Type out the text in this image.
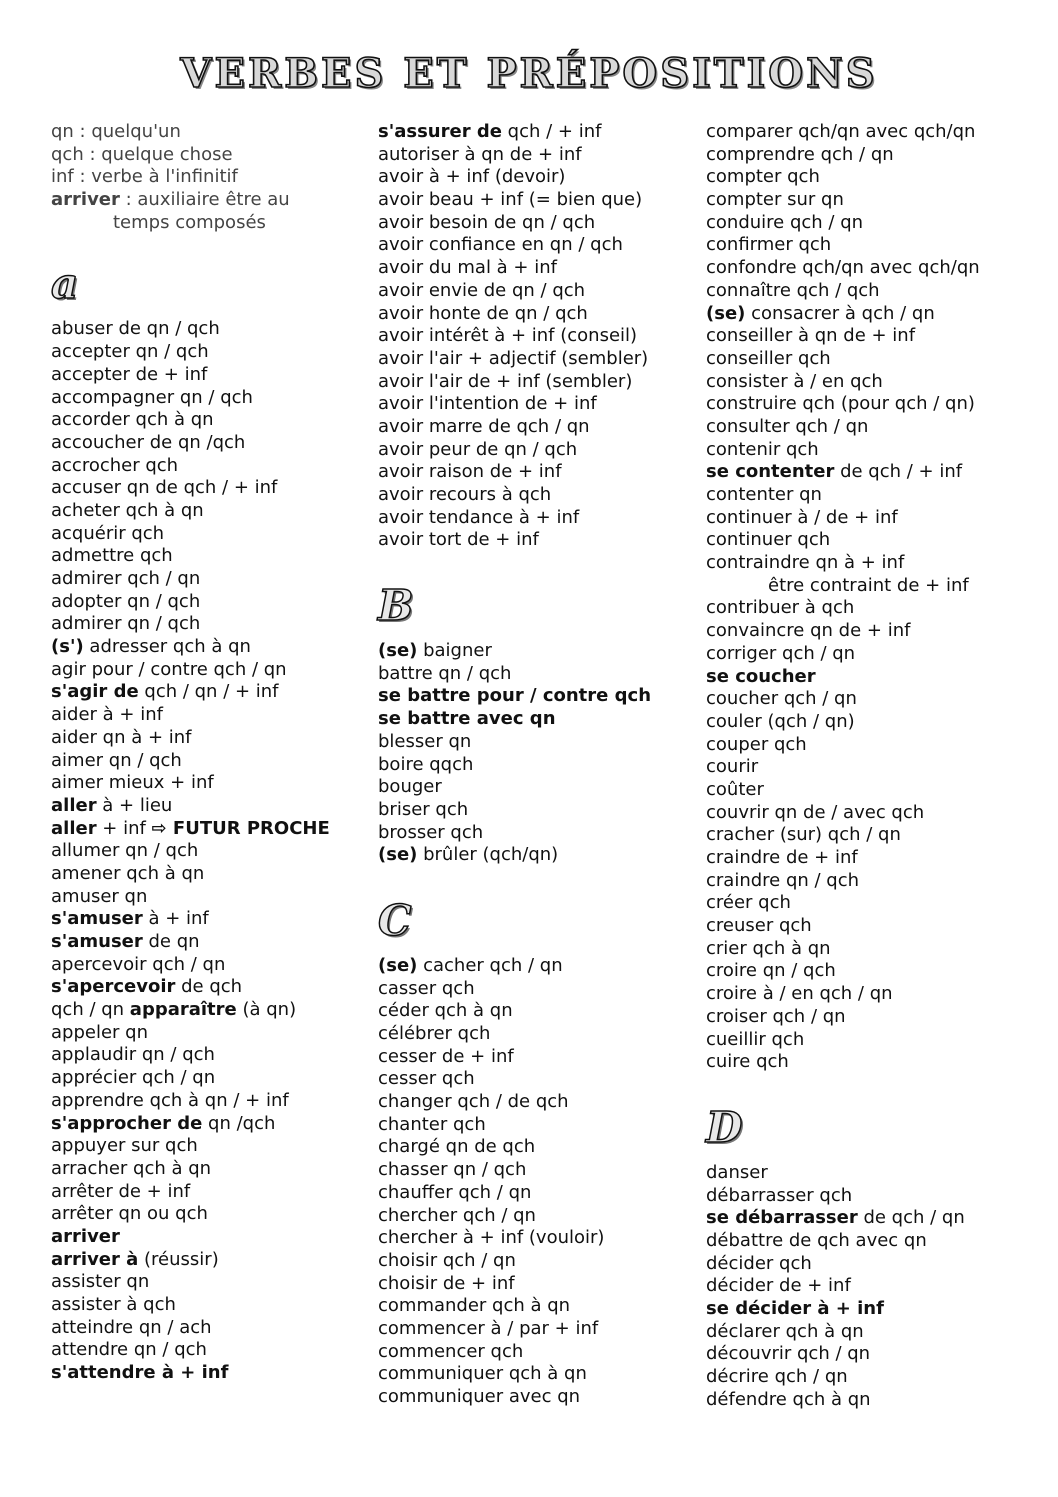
VERBES ET PRÉPOSITIONS
qn : quelqu'un
qch : quelque chose
inf : verbe à l'infinitif
arriver : auxiliaire être au
temps composés
a
abuser de qn / qch
accepter qn / qch
accepter de + inf
accompagner qn / qch
accorder qch à qn
accoucher de qn /qch
accrocher qch
accuser qn de qch / + inf
acheter qch à qn
acquérir qch
admettre qch
admirer qch / qn
adopter qn / qch
admirer qn / qch
(s') adresser qch à qn
agir pour / contre qch / qn
s'agir de qch / qn / + inf
aider à + inf
aider qn à + inf
aimer qn / qch
aimer mieux + inf
aller à + lieu
aller + inf ⇨ FUTUR PROCHE
allumer qn / qch
amener qch à qn
amuser qn
s'amuser à + inf
s'amuser de qn
apercevoir qch / qn
s'apercevoir de qch
qch / qn apparaître (à qn)
appeler qn
applaudir qn / qch
apprécier qch / qn
apprendre qch à qn / + inf
s'approcher de qn /qch
appuyer sur qch
arracher qch à qn
arrêter de + inf
arrêter qn ou qch
arriver
arriver à (réussir)
assister qn
assister à qch
atteindre qn / ach
attendre qn / qch
s'attendre à + inf
s'assurer de qch / + inf
autoriser à qn de + inf
avoir à + inf (devoir)
avoir beau + inf (= bien que)
avoir besoin de qn / qch
avoir confiance en qn / qch
avoir du mal à + inf
avoir envie de qn / qch
avoir honte de qn / qch
avoir intérêt à + inf (conseil)
avoir l'air + adjectif (sembler)
avoir l'air de + inf (sembler)
avoir l'intention de + inf
avoir marre de qch / qn
avoir peur de qn / qch
avoir raison de + inf
avoir recours à qch
avoir tendance à + inf
avoir tort de + inf
B
(se) baigner
battre qn / qch
se battre pour / contre qch
se battre avec qn
blesser qn
boire qqch
bouger
briser qch
brosser qch
(se) brûler (qch/qn)
C
(se) cacher qch / qn
casser qch
céder qch à qn
célébrer qch
cesser de + inf
cesser qch
changer qch / de qch
chanter qch
chargé qn de qch
chasser qn / qch
chauffer qch / qn
chercher qch / qn
chercher à + inf (vouloir)
choisir qch / qn
choisir de + inf
commander qch à qn
commencer à / par + inf
commencer qch
communiquer qch à qn
communiquer avec qn
comparer qch/qn avec qch/qn
comprendre qch / qn
compter qch
compter sur qn
conduire qch / qn
confirmer qch
confondre qch/qn avec qch/qn
connaître qch / qch
(se) consacrer à qch / qn
conseiller à qn de + inf
conseiller qch
consister à / en qch
construire qch (pour qch / qn)
consulter qch / qn
contenir qch
se contenter de qch / + inf
contenter qn
continuer à / de + inf
continuer qch
contraindre qn à + inf
être contraint de + inf
contribuer à qch
convaincre qn de + inf
corriger qch / qn
se coucher
coucher qch / qn
couler (qch / qn)
couper qch
courir
coûter
couvrir qn de / avec qch
cracher (sur) qch / qn
craindre de + inf
craindre qn / qch
créer qch
creuser qch
crier qch à qn
croire qn / qch
croire à / en qch / qn
croiser qch / qn
cueillir qch
cuire qch
D
danser
débarrasser qch
se débarrasser de qch / qn
débattre de qch avec qn
décider qch
décider de + inf
se décider à + inf
déclarer qch à qn
découvrir qch / qn
décrire qch / qn
défendre qch à qn
